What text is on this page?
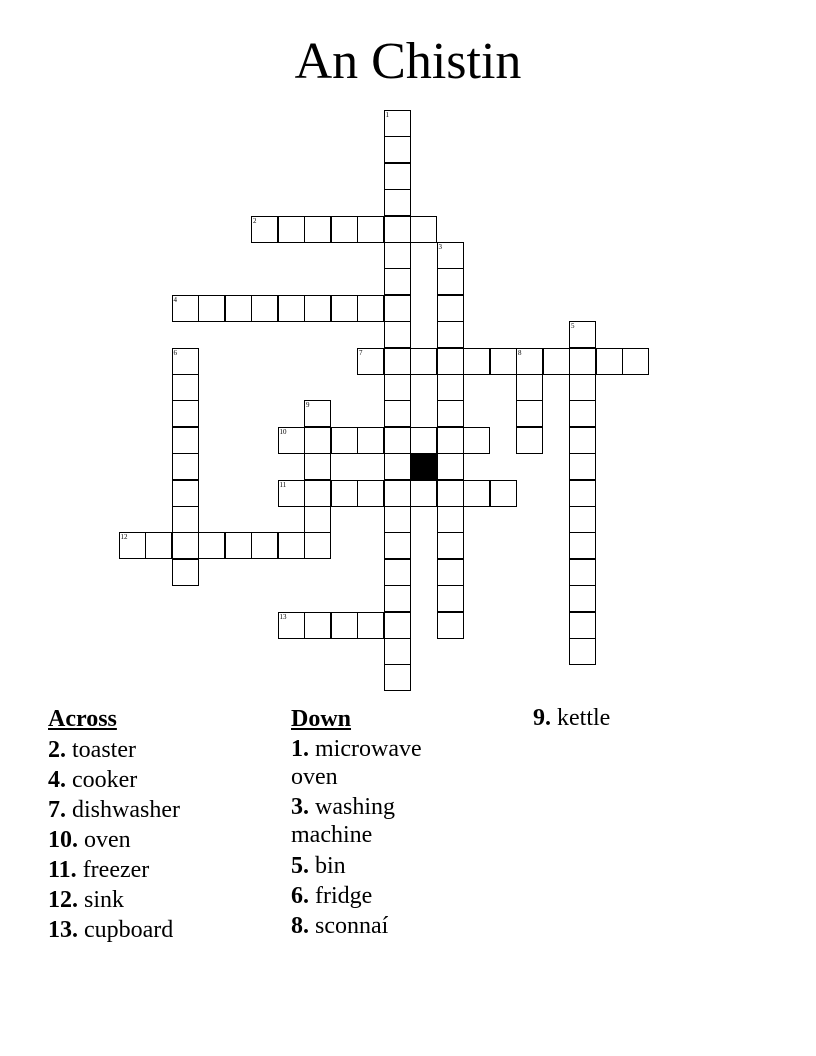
An Chistin
2
4
7	8
10
11
12
13
1
3
5
6
9
Across
2. toaster
4. cooker
7. dishwasher
10. oven
11. freezer
12. sink
13. cupboard
Down
1. microwave oven
3. washing machine
5. bin
6. fridge
8. sconnaí
9. kettle
